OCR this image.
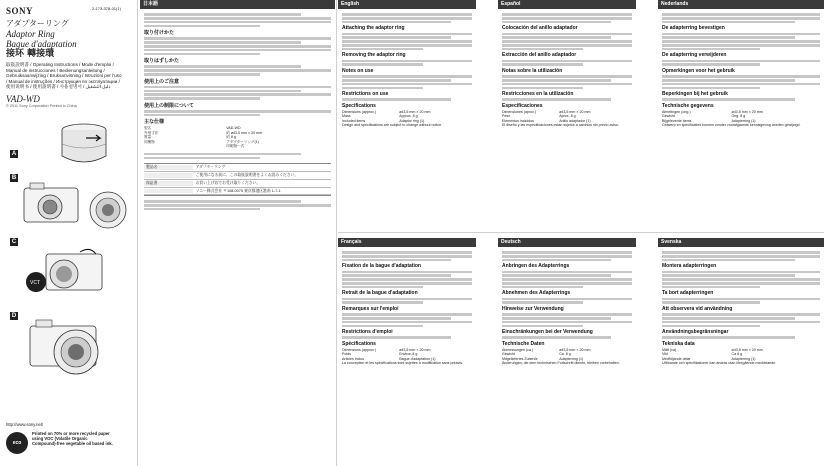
SONY	2-173-378-01(1)
アダプターリング
Adaptor Ring
Bague d'adaptation
接环 轉接環
取扱説明書 / Operating Instructions / Mode d'emploi /
Manual de instrucciones / Bedienungsanleitung /
Gebruiksaanwijzing / Bruksanvisning / Istruzioni per l'uso
/ Manual de instruções / Инструкция по эксплуатации /
使用说明书 / 使用說明書 / 사용설명서 / دليل التشغيل
VAD-WD
© 2011 Sony Corporation Printed in China
A
B
C
VCT
D
http://www.sony.net/
eco
Printed on 70% or more recycled paper
using VOC (Volatile Organic
Compound)-free vegetable oil based ink.
日本語
取り付けかた
取りはずしかた
使用上のご注意
使用上の制限について
主な仕様
型名	VAD-WD
外形寸法	約 ø43.5 mm × 20 mm
質量	約 8 g
同梱物	アダプターリング(1)
印刷物一式
製品名	アダプターリング
ご使用になる前に、この取扱説明書をよくお読みください。
保証書	お買い上げ店でお受け取りください。
ソニー株式会社 〒108-0075 東京都港区港南 1-7-1
English
Attaching the adaptor ring
Removing the adaptor ring
Notes on use
Restrictions on use
Specifications
Dimensions (approx.)	ø43.5 mm × 20 mm
Mass	Approx. 8 g
Included items	Adaptor ring (1)

Design and specifications are subject to change without notice.

Español
Colocación del anillo adaptador
Extracción del anillo adaptador
Notas sobre la utilización
Restricciones en la utilización
Especificaciones
Dimensiones (aprox.)	ø43,5 mm × 20 mm
Peso	Aprox. 8 g
Elementos incluidos	Anillo adaptador (1)

El diseño y las especificaciones están sujetos a cambios sin previo aviso.

Nederlands
De adapterring bevestigen
De adapterring verwijderen
Opmerkingen voor het gebruik
Beperkingen bij het gebruik
Technische gegevens
Afmetingen (ong.)	ø43,5 mm × 20 mm
Gewicht	Ong. 8 g
Bijgeleverde items	Adapterring (1)

Ontwerp en specificaties kunnen zonder voorafgaande kennisgeving worden gewijzigd.

Français
Fixation de la bague d'adaptation
Retrait de la bague d'adaptation
Remarques sur l'emploi
Restrictions d'emploi
Spécifications
Dimensions (approx.)	ø43,5 mm × 20 mm
Poids	Environ 8 g
Articles inclus	Bague d'adaptation (1)

La conception et les spécifications sont sujettes à modification sans préavis.

Deutsch
Anbringen des Adapterrings
Abnehmen des Adapterrings
Hinweise zur Verwendung
Einschränkungen bei der Verwendung
Technische Daten
Abmessungen (ca.)	ø43,5 mm × 20 mm
Gewicht	Ca. 8 g
Mitgeliefertes Zubehör	Adapterring (1)

Änderungen, die dem technischen Fortschritt dienen, bleiben vorbehalten.

Svenska
Montera adapterringen
Ta bort adapterringen
Att observera vid användning
Användningsbegränsningar
Tekniska data
Mått (ca)	ø43,5 mm × 20 mm
Vikt	Ca 8 g
Medföljande delar	Adapterring (1)

Utförande och specifikationer kan ändras utan föregående meddelande.
